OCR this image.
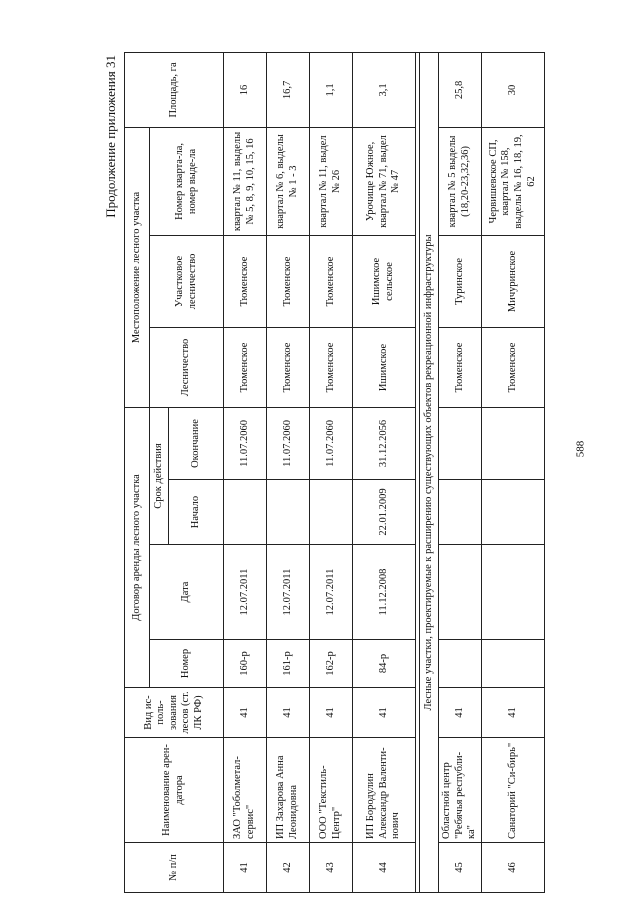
588
Продолжение приложения 31
№ п/п	Наименование арен-датора	Вид ис-поль-зования лесов (ст. ЛК РФ)	Договор аренды лесного участка				Местоположение лесного участка			Площадь, га
			Номер	Дата	Срок действия		Лесничество	Участковое лесничество	Номер кварта-ла, номер выде-ла	
					Начало	Окончание				
41	ЗАО "Тоболметал-сервис"	41	160-р	12.07.2011		11.07.2060	Тюменское	Тюменское	квартал № 11, выделы № 5, 8, 9, 10, 15, 16	16
42	ИП Захарова Анна Леонидовна	41	161-р	12.07.2011		11.07.2060	Тюменское	Тюменское	квартал № 6, выделы № 1 - 3	16,7
43	ООО "Текстиль-Центр"	41	162-р	12.07.2011		11.07.2060	Тюменское	Тюменское	квартал № 11, выдел № 26	1,1
44	ИП Бородулин Александр Валенти-нович	41	84-р	11.12.2008	22.01.2009	31.12.2056	Ишимское	Ишимское сельское	Урочище Южное, квартал № 71, выдел № 47	3,1

Лесные участки, проектируемые к расширению существующих объектов рекреационной инфраструктуры										
45	Областной центр "Ребячья республи-ка"	41					Тюменское	Туринское	квартал № 5 выделы (18,20-23,32,36)	25,8
46	Санаторий "Си-бирь"	41					Тюменское	Мичуринское	Червишевское СП, квартал № 158, выделы № 16, 18, 19, 62	30
